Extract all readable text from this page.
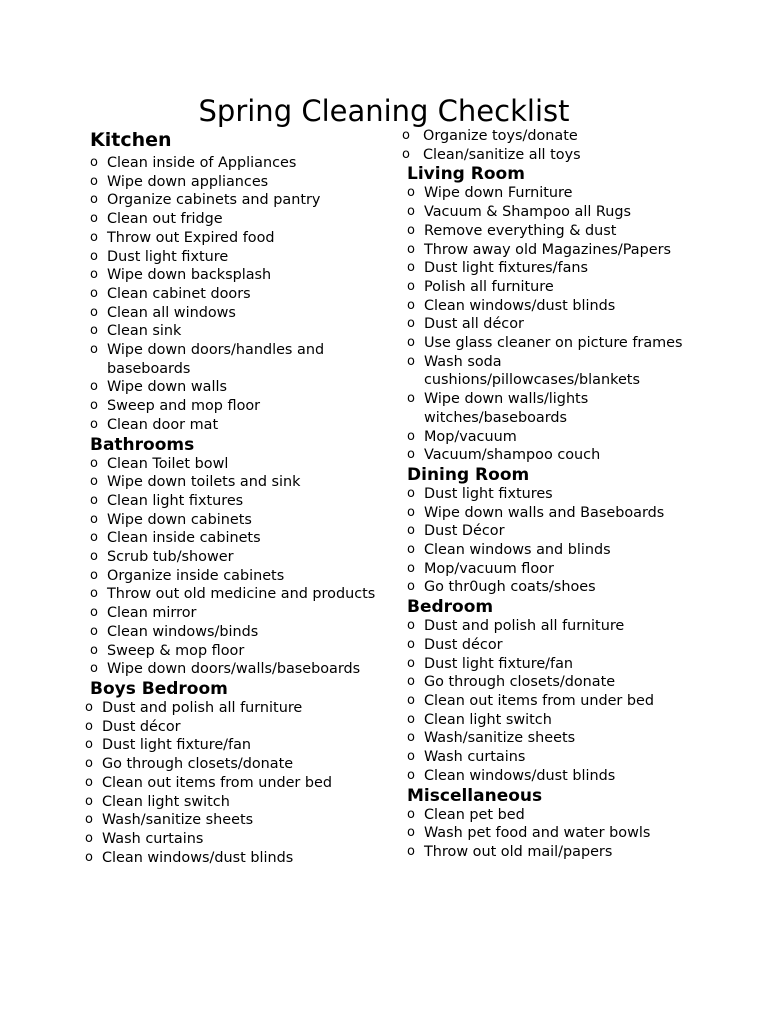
Spring Cleaning Checklist
Kitchen
o Clean inside of Appliances
o Wipe down appliances
o Organize cabinets and pantry
o Clean out fridge
o Throw out Expired food
o Dust light fixture
o Wipe down backsplash
o Clean cabinet doors
o Clean all windows
o Clean sink
o Wipe down doors/handles and baseboards
o Wipe down walls
o Sweep and mop floor
o Clean door mat
Bathrooms
o Clean Toilet bowl
o Wipe down toilets and sink
o Clean light fixtures
o Wipe down cabinets
o Clean inside cabinets
o Scrub tub/shower
o Organize inside cabinets
o Throw out old medicine and products
o Clean mirror
o Clean windows/binds
o Sweep & mop floor
o Wipe down doors/walls/baseboards
Boys Bedroom
o Dust and polish all furniture
o Dust décor
o Dust light fixture/fan
o Go through closets/donate
o Clean out items from under bed
o Clean light switch
o Wash/sanitize sheets
o Wash curtains
o Clean windows/dust blinds
o Organize toys/donate
o Clean/sanitize all toys
Living Room
o Wipe down Furniture
o Vacuum & Shampoo all Rugs
o Remove everything & dust
o Throw away old Magazines/Papers
o Dust light fixtures/fans
o Polish all furniture
o Clean windows/dust blinds
o Dust all décor
o Use glass cleaner on picture frames
o Wash soda cushions/pillowcases/blankets
o Wipe down walls/lights witches/baseboards
o Mop/vacuum
o Vacuum/shampoo couch
Dining Room
o Dust light fixtures
o Wipe down walls and Baseboards
o Dust Décor
o Clean windows and blinds
o Mop/vacuum floor
o Go thr0ugh coats/shoes
Bedroom
o Dust and polish all furniture
o Dust décor
o Dust light fixture/fan
o Go through closets/donate
o Clean out items from under bed
o Clean light switch
o Wash/sanitize sheets
o Wash curtains
o Clean windows/dust blinds
Miscellaneous
o Clean pet bed
o Wash pet food and water bowls
o Throw out old mail/papers
